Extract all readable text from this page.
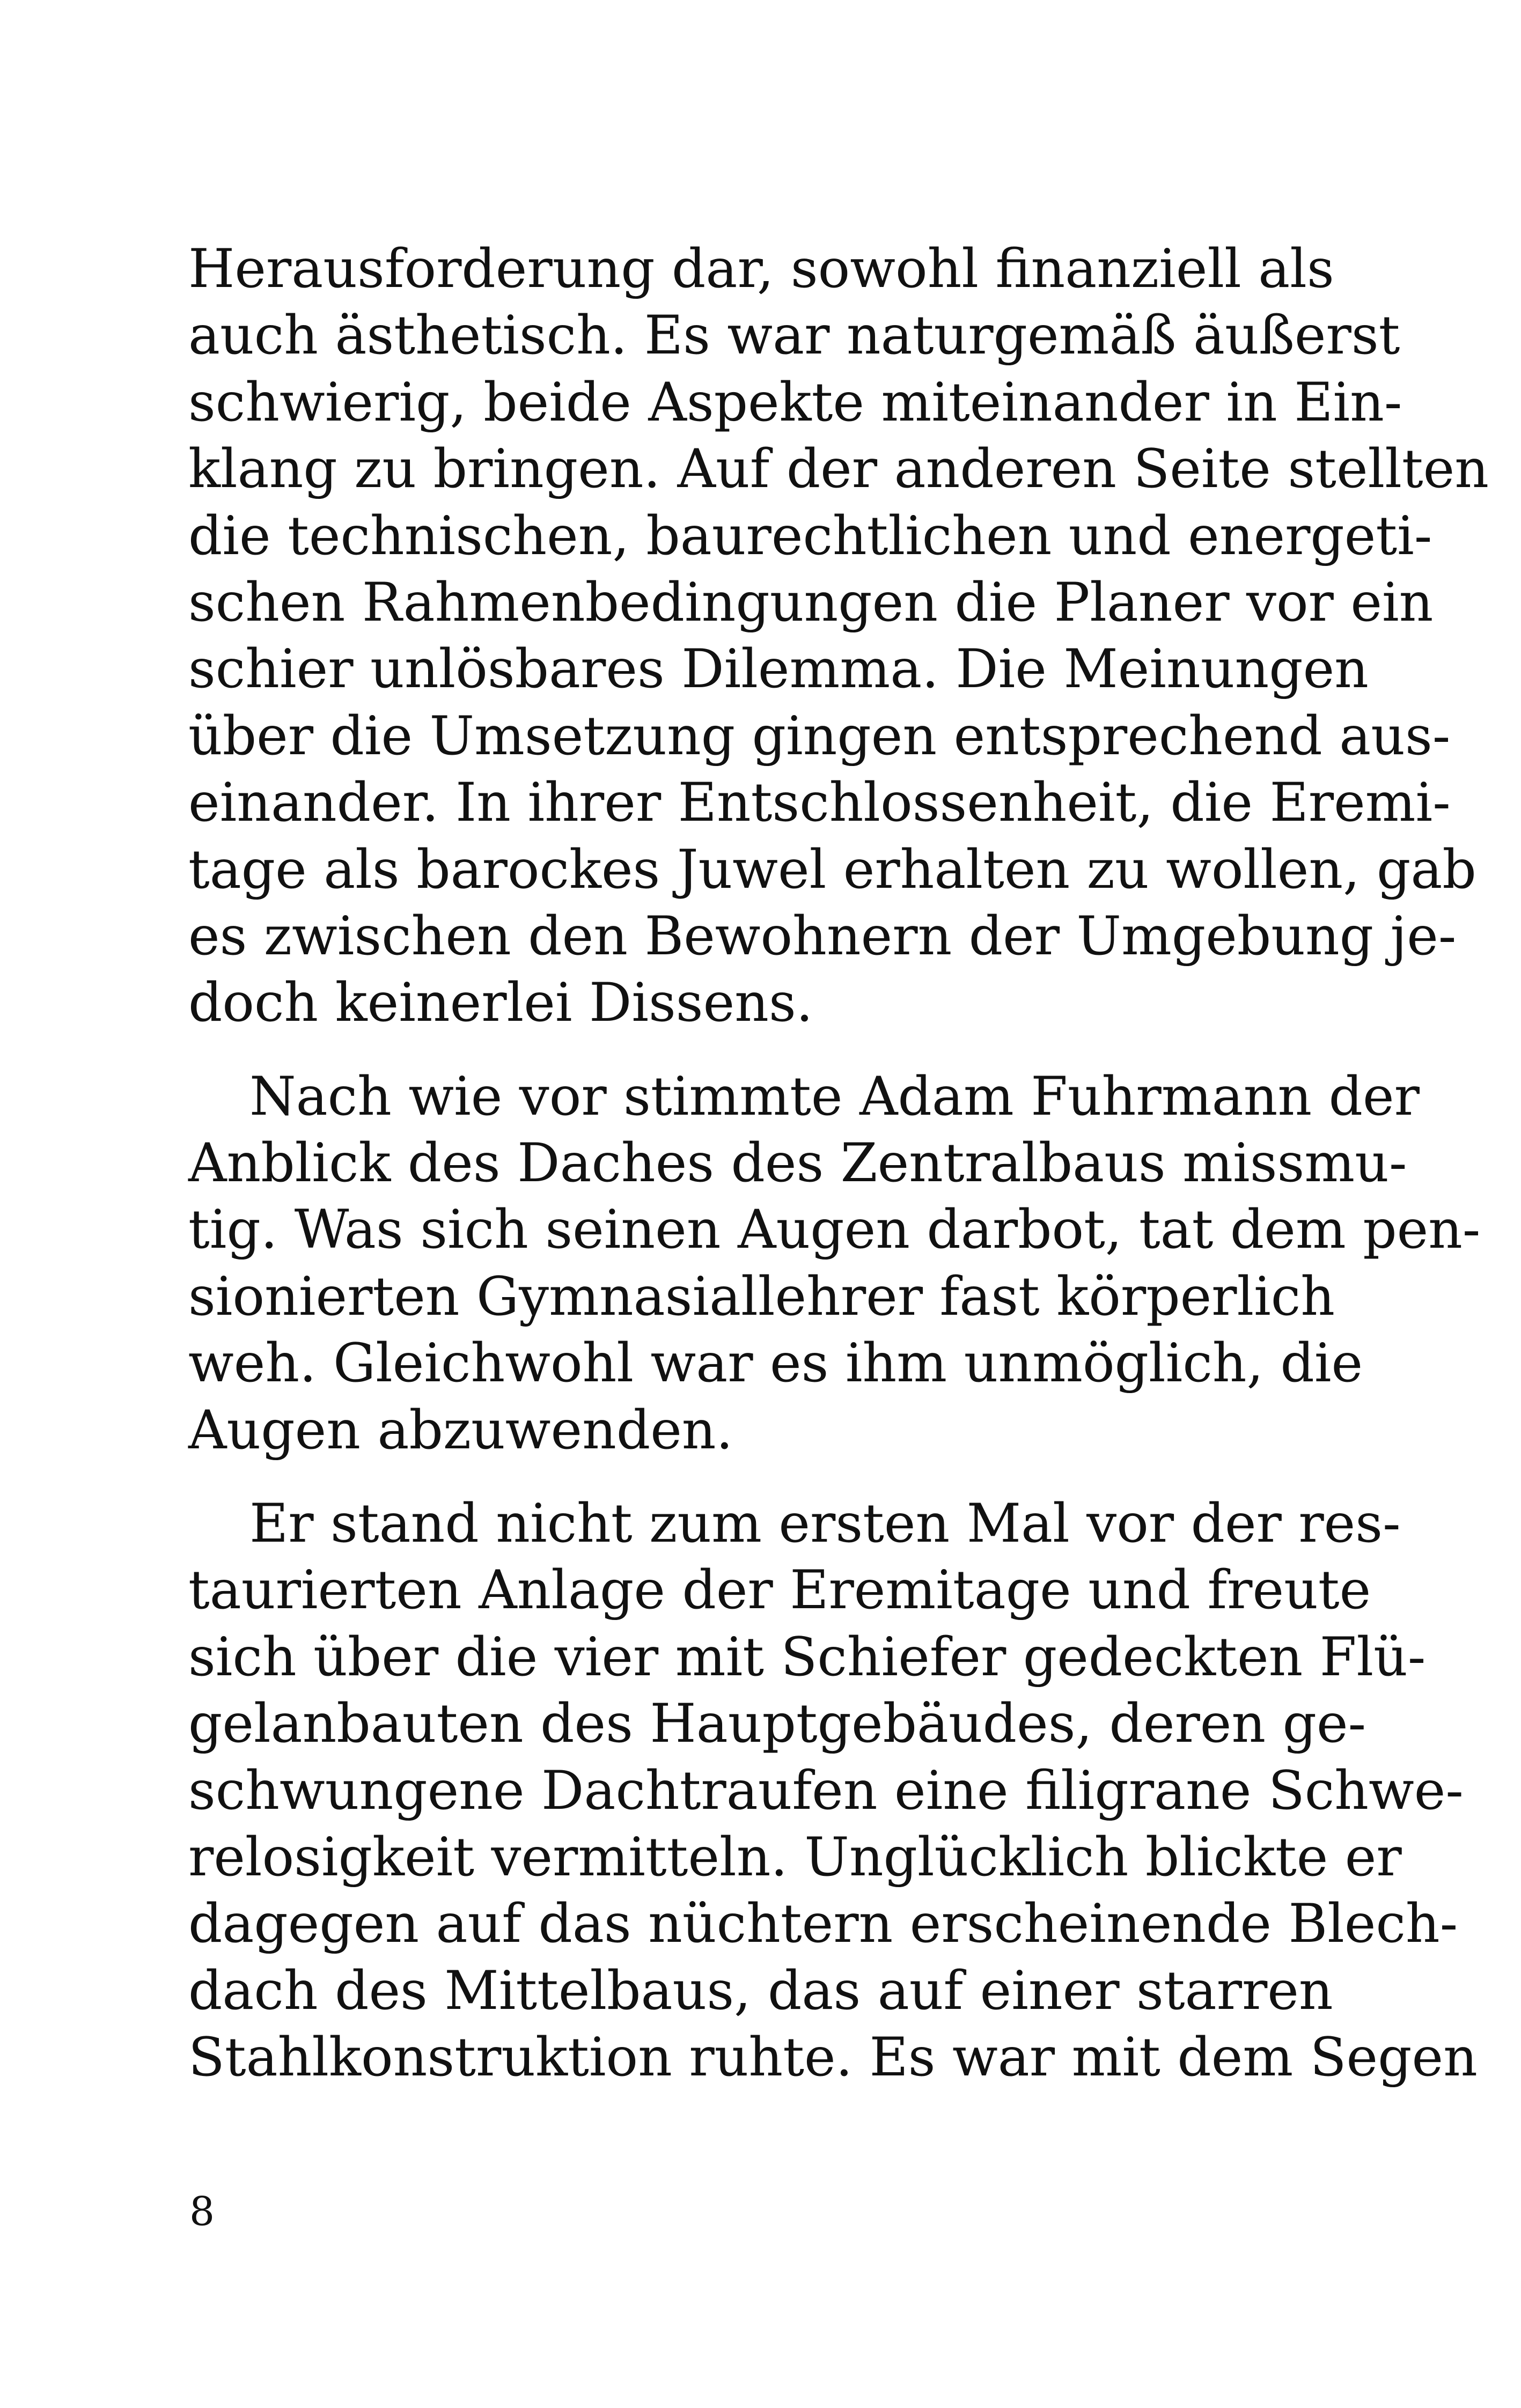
Herausforderung dar, sowohl finanziell als
auch ästhetisch. Es war naturgemäß äußerst
schwierig, beide Aspekte miteinander in Ein-
klang zu bringen. Auf der anderen Seite stellten
die technischen, baurechtlichen und energeti-
schen Rahmenbedingungen die Planer vor ein
schier unlösbares Dilemma. Die Meinungen
über die Umsetzung gingen entsprechend aus-
einander. In ihrer Entschlossenheit, die Eremi-
tage als barockes Juwel erhalten zu wollen, gab
es zwischen den Bewohnern der Umgebung je-
doch keinerlei Dissens.
Nach wie vor stimmte Adam Fuhrmann der
Anblick des Daches des Zentralbaus missmu-
tig. Was sich seinen Augen darbot, tat dem pen-
sionierten Gymnasiallehrer fast körperlich
weh. Gleichwohl war es ihm unmöglich, die
Augen abzuwenden.
Er stand nicht zum ersten Mal vor der res-
taurierten Anlage der Eremitage und freute
sich über die vier mit Schiefer gedeckten Flü-
gelanbauten des Hauptgebäudes, deren ge-
schwungene Dachtraufen eine filigrane Schwe-
relosigkeit vermitteln. Unglücklich blickte er
dagegen auf das nüchtern erscheinende Blech-
dach des Mittelbaus, das auf einer starren
Stahlkonstruktion ruhte. Es war mit dem Segen
8
